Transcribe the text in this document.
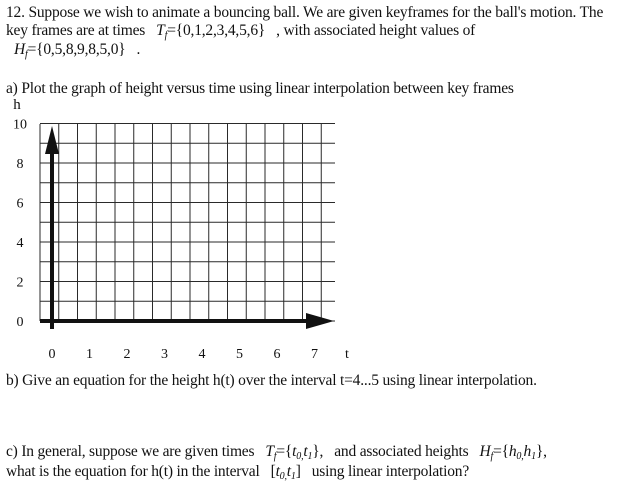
12. Suppose we wish to animate a bouncing ball. We are given keyframes for the ball's motion. The
key frames are at times $T_f=\{0,1,2,3,4,5,6\}$ , with associated height values of
$H_f=\{0,5,8,9,8,5,0\}$ .
a) Plot the graph of height versus time using linear interpolation between key frames
0
2
4
6
8
10
h
0 1 2 3 4 5 6 7 t
b) Give an equation for the height h(t) over the interval t=4...5 using linear interpolation.
c) In general, suppose we are given times $T_f=\{t_{0,}t_1\}$, and associated heights $H_f=\{h_{0,}h_1\}$,
what is the equation for h(t) in the interval $[t_{0,}t_1]$ using linear interpolation?
